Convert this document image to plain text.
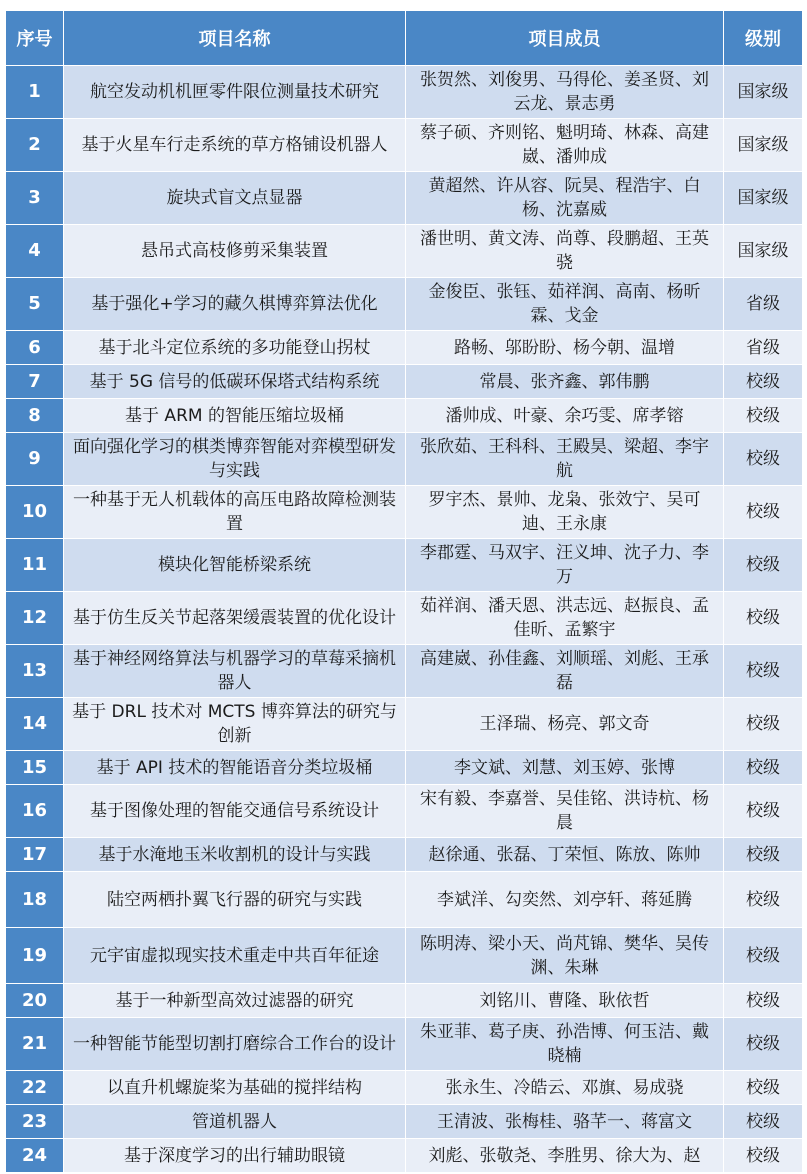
序号	项目名称	项目成员	级别
1	航空发动机机匣零件限位测量技术研究	张贺然、刘俊男、马得伦、姜圣贤、刘云龙、景志勇	国家级
2	基于火星车行走系统的草方格铺设机器人	蔡子硕、齐则铭、魁明琦、林森、高建崴、潘帅成	国家级
3	旋块式盲文点显器	黄超然、许从容、阮昊、程浩宇、白杨、沈嘉威	国家级
4	悬吊式高枝修剪采集装置	潘世明、黄文涛、尚尊、段鹏超、王英骁	国家级
5	基于强化+学习的藏久棋博弈算法优化	金俊臣、张钰、茹祥润、高南、杨昕霖、戈金	省级
6	基于北斗定位系统的多功能登山拐杖	路畅、邬盼盼、杨今朝、温增	省级
7	基于 5G 信号的低碳环保塔式结构系统	常晨、张齐鑫、郭伟鹏	校级
8	基于 ARM 的智能压缩垃圾桶	潘帅成、叶豪、余巧雯、席孝镕	校级
9	面向强化学习的棋类博弈智能对弈模型研发与实践	张欣茹、王科科、王殿昊、梁超、李宇航	校级
10	一种基于无人机载体的高压电路故障检测装置	罗宇杰、景帅、龙枭、张效宁、吴可迪、王永康	校级
11	模块化智能桥梁系统	李郡霆、马双宇、汪义坤、沈子力、李万	校级
12	基于仿生反关节起落架缓震装置的优化设计	茹祥润、潘天恩、洪志远、赵振良、孟佳昕、孟繁宇	校级
13	基于神经网络算法与机器学习的草莓采摘机器人	高建崴、孙佳鑫、刘顺瑶、刘彪、王承磊	校级
14	基于 DRL 技术对 MCTS 博弈算法的研究与创新	王泽瑞、杨亮、郭文奇	校级
15	基于 API 技术的智能语音分类垃圾桶	李文斌、刘慧、刘玉婷、张博	校级
16	基于图像处理的智能交通信号系统设计	宋有毅、李嘉誉、吴佳铭、洪诗杭、杨晨	校级
17	基于水淹地玉米收割机的设计与实践	赵徐通、张磊、丁荣恒、陈放、陈帅	校级
18	陆空两栖扑翼飞行器的研究与实践	李斌洋、勾奕然、刘亭轩、蒋延腾	校级
19	元宇宙虚拟现实技术重走中共百年征途	陈明涛、梁小天、尚芃锦、樊华、吴传渊、朱琳	校级
20	基于一种新型高效过滤器的研究	刘铭川、曹隆、耿依哲	校级
21	一种智能节能型切割打磨综合工作台的设计	朱亚菲、葛子庚、孙浩博、何玉洁、戴晓楠	校级
22	以直升机螺旋桨为基础的搅拌结构	张永生、冷皓云、邓旗、易成骁	校级
23	管道机器人	王清波、张梅桂、骆芊一、蒋富文	校级
24	基于深度学习的出行辅助眼镜	刘彪、张敬尧、李胜男、徐大为、赵	校级
